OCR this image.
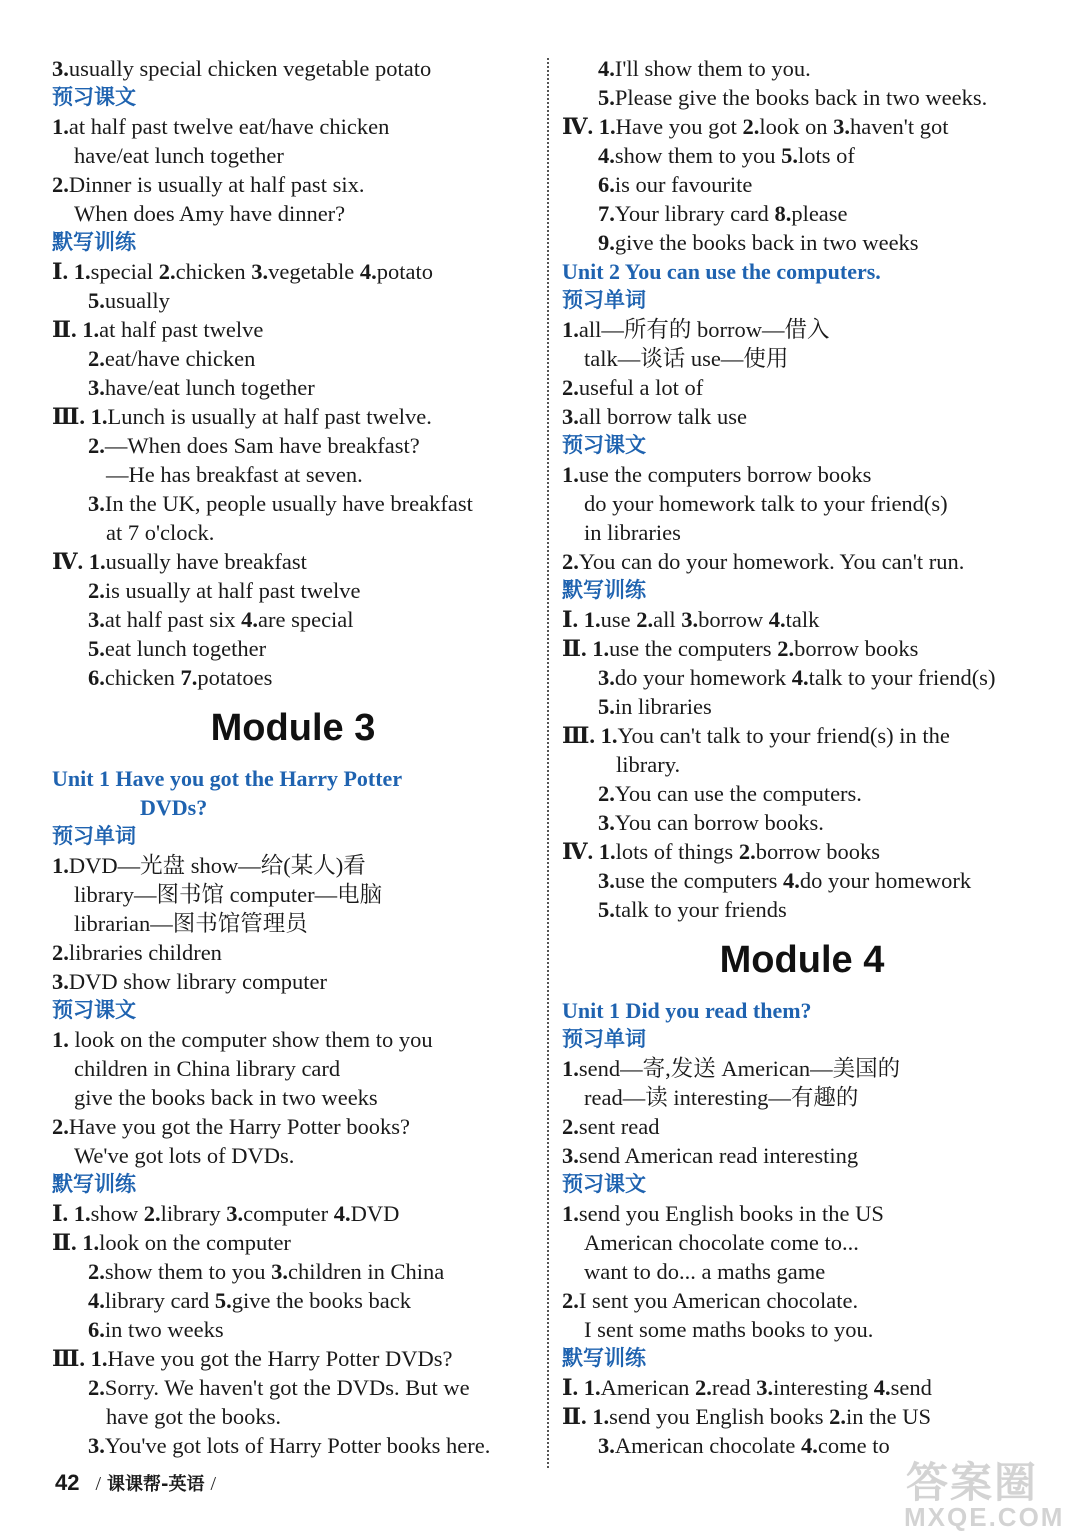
3.usually special chicken vegetable potato
预习课文
1.at half past twelve eat/have chicken
have/eat lunch together
2.Dinner is usually at half past six.
When does Amy have dinner?
默写训练
Ⅰ. 1.special 2.chicken 3.vegetable 4.potato
5.usually
Ⅱ. 1.at half past twelve
2.eat/have chicken
3.have/eat lunch together
Ⅲ. 1.Lunch is usually at half past twelve.
2.—When does Sam have breakfast?
—He has breakfast at seven.
3.In the UK, people usually have breakfast
at 7 o'clock.
Ⅳ. 1.usually have breakfast
2.is usually at half past twelve
3.at half past six 4.are special
5.eat lunch together
6.chicken 7.potatoes
Module 3
Unit 1 Have you got the Harry Potter
DVDs?
预习单词
1.DVD—光盘 show—给(某人)看
library—图书馆 computer—电脑
librarian—图书馆管理员
2.libraries children
3.DVD show library computer
预习课文
1. look on the computer show them to you
children in China library card
give the books back in two weeks
2.Have you got the Harry Potter books?
We've got lots of DVDs.
默写训练
Ⅰ. 1.show 2.library 3.computer 4.DVD
Ⅱ. 1.look on the computer
2.show them to you 3.children in China
4.library card 5.give the books back
6.in two weeks
Ⅲ. 1.Have you got the Harry Potter DVDs?
2.Sorry. We haven't got the DVDs. But we
have got the books.
3.You've got lots of Harry Potter books here.
4.I'll show them to you.
5.Please give the books back in two weeks.
Ⅳ. 1.Have you got 2.look on 3.haven't got
4.show them to you 5.lots of
6.is our favourite
7.Your library card 8.please
9.give the books back in two weeks
Unit 2 You can use the computers.
预习单词
1.all—所有的 borrow—借入
talk—谈话 use—使用
2.useful a lot of
3.all borrow talk use
预习课文
1.use the computers borrow books
do your homework talk to your friend(s)
in libraries
2.You can do your homework. You can't run.
默写训练
Ⅰ. 1.use 2.all 3.borrow 4.talk
Ⅱ. 1.use the computers 2.borrow books
3.do your homework 4.talk to your friend(s)
5.in libraries
Ⅲ. 1.You can't talk to your friend(s) in the
library.
2.You can use the computers.
3.You can borrow books.
Ⅳ. 1.lots of things 2.borrow books
3.use the computers 4.do your homework
5.talk to your friends
Module 4
Unit 1 Did you read them?
预习单词
1.send—寄,发送 American—美国的
read—读 interesting—有趣的
2.sent read
3.send American read interesting
预习课文
1.send you English books in the US
American chocolate come to...
want to do... a maths game
2.I sent you American chocolate.
I sent some maths books to you.
默写训练
Ⅰ. 1.American 2.read 3.interesting 4.send
Ⅱ. 1.send you English books 2.in the US
3.American chocolate 4.come to
42 / 课课帮-英语 /	答案圈
MXQE.COM
